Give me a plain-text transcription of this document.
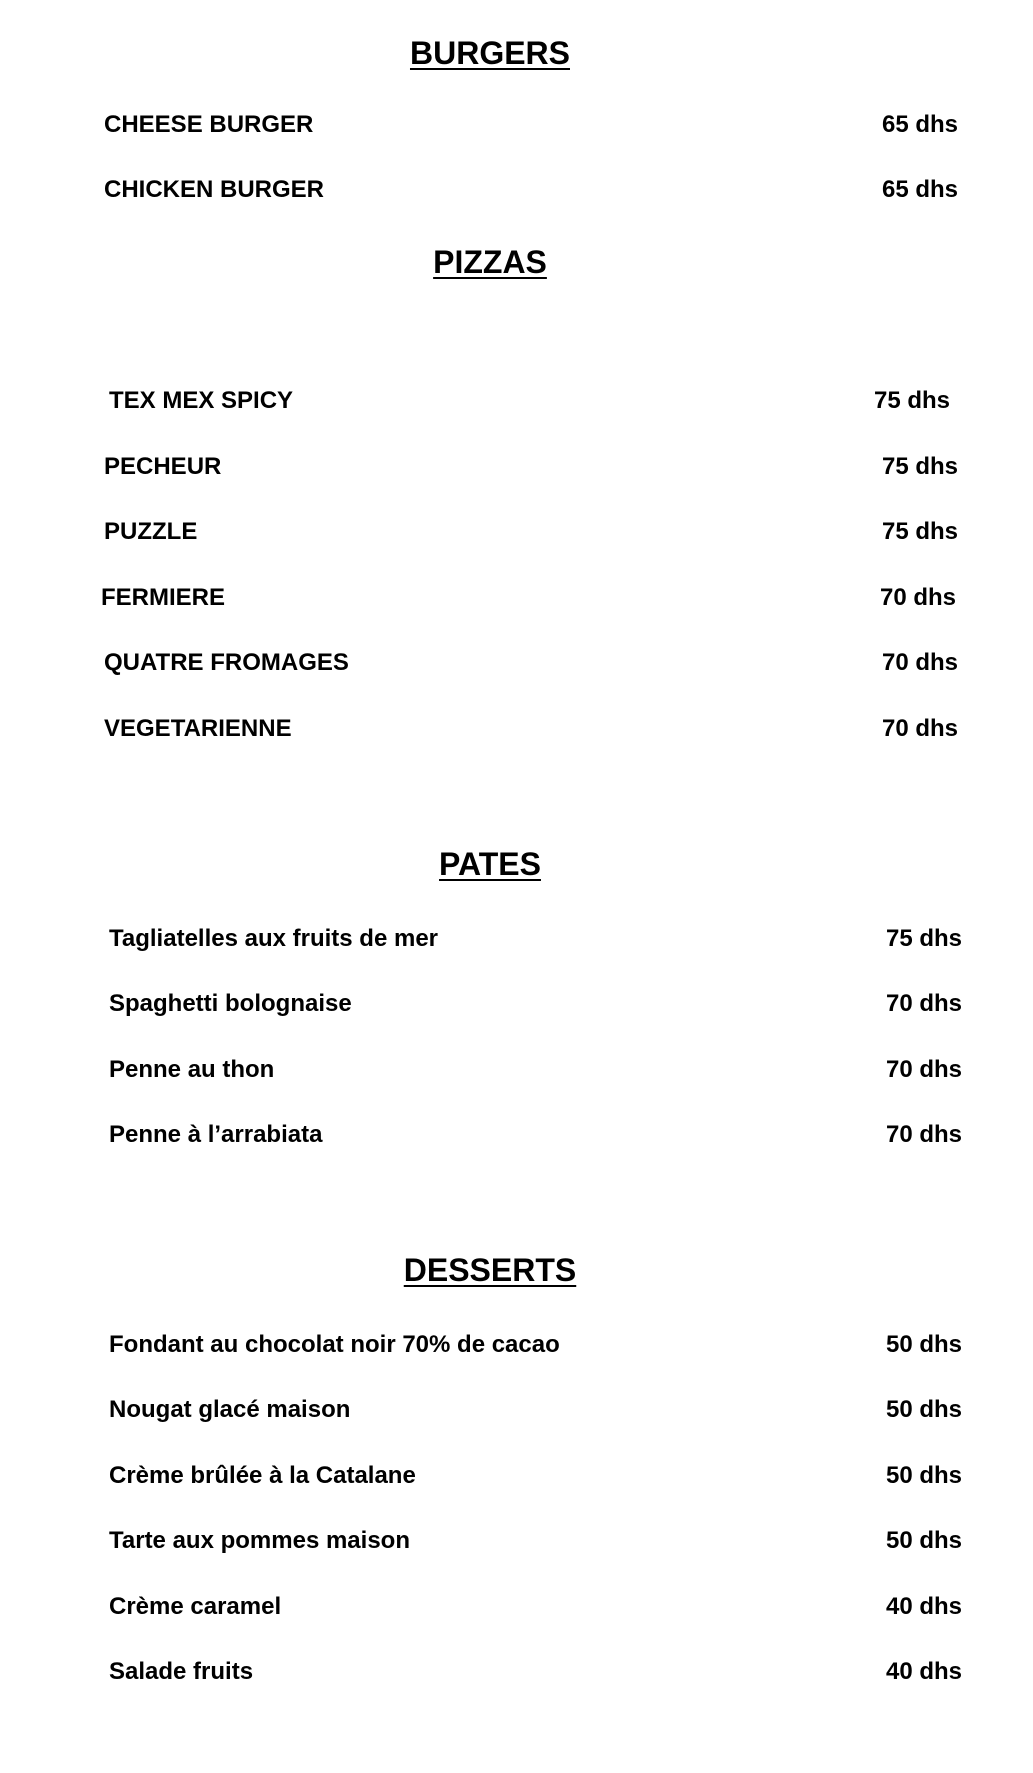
BURGERS
CHEESE BURGER	65 dhs
CHICKEN BURGER	65 dhs
PIZZAS
TEX MEX SPICY	75 dhs
PECHEUR	75 dhs
PUZZLE	75 dhs
FERMIERE	70 dhs
QUATRE FROMAGES	70 dhs
VEGETARIENNE	70 dhs
PATES
Tagliatelles aux fruits de mer	75 dhs
Spaghetti bolognaise	70 dhs
Penne au thon	70 dhs
Penne à l’arrabiata	70 dhs
DESSERTS
Fondant au chocolat noir 70% de cacao	50 dhs
Nougat glacé maison	50 dhs
Crème brûlée à la Catalane	50 dhs
Tarte aux pommes maison	50 dhs
Crème caramel	40 dhs
Salade fruits	40 dhs
